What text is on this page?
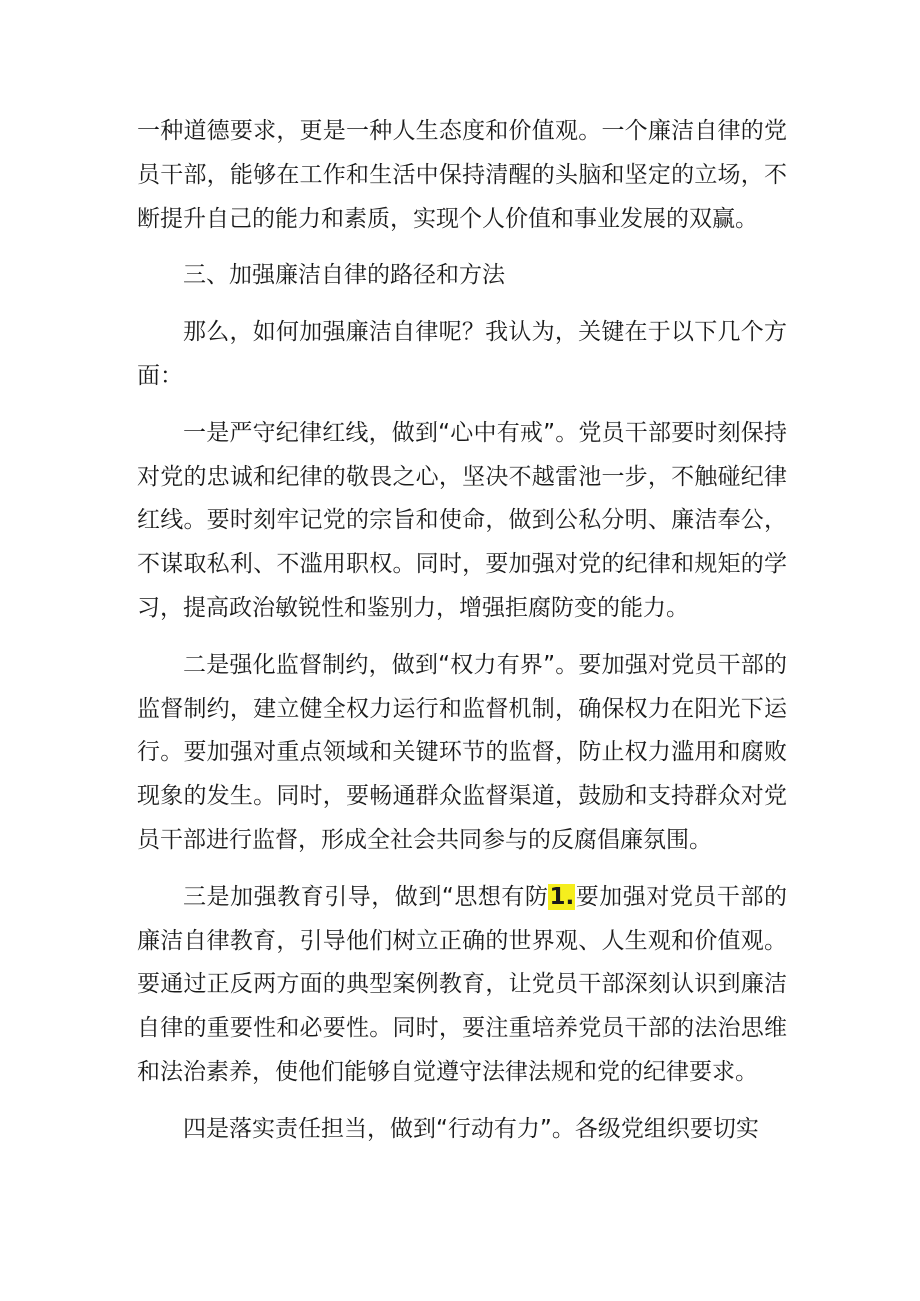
一种道德要求，更是一种人生态度和价值观。一个廉洁自律的党员干部，能够在工作和生活中保持清醒的头脑和坚定的立场，不断提升自己的能力和素质，实现个人价值和事业发展的双赢。

三、加强廉洁自律的路径和方法

那么，如何加强廉洁自律呢？我认为，关键在于以下几个方面：

一是严守纪律红线，做到“心中有戒”。党员干部要时刻保持对党的忠诚和纪律的敬畏之心，坚决不越雷池一步，不触碰纪律红线。要时刻牢记党的宗旨和使命，做到公私分明、廉洁奉公，不谋取私利、不滥用职权。同时，要加强对党的纪律和规矩的学习，提高政治敏锐性和鉴别力，增强拒腐防变的能力。

二是强化监督制约，做到“权力有界”。要加强对党员干部的监督制约，建立健全权力运行和监督机制，确保权力在阳光下运行。要加强对重点领域和关键环节的监督，防止权力滥用和腐败现象的发生。同时，要畅通群众监督渠道，鼓励和支持群众对党员干部进行监督，形成全社会共同参与的反腐倡廉氛围。

三是加强教育引导，做到“思想有防1.要加强对党员干部的廉洁自律教育，引导他们树立正确的世界观、人生观和价值观。要通过正反两方面的典型案例教育，让党员干部深刻认识到廉洁自律的重要性和必要性。同时，要注重培养党员干部的法治思维和法治素养，使他们能够自觉遵守法律法规和党的纪律要求。

四是落实责任担当，做到“行动有力”。各级党组织要切实
